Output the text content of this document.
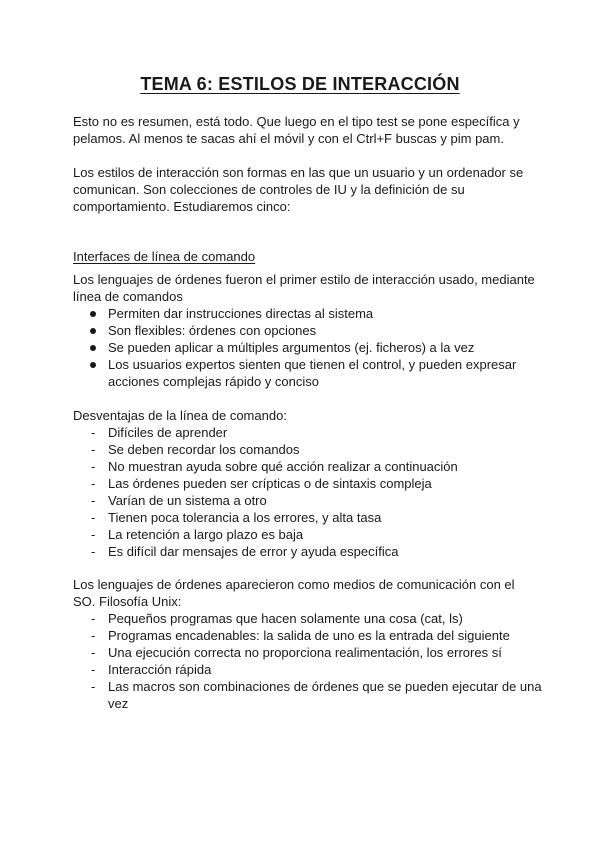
TEMA 6: ESTILOS DE INTERACCIÓN

Esto no es resumen, está todo. Que luego en el tipo test se pone específica y pelamos. Al menos te sacas ahí el móvil y con el Ctrl+F buscas y pim pam.

Los estilos de interacción son formas en las que un usuario y un ordenador se comunican. Son colecciones de controles de IU y la definición de su comportamiento. Estudiaremos cinco:

Interfaces de línea de comando

Los lenguajes de órdenes fueron el primer estilo de interacción usado, mediante línea de comandos

Permiten dar instrucciones directas al sistema
Son flexibles: órdenes con opciones
Se pueden aplicar a múltiples argumentos (ej. ficheros) a la vez
Los usuarios expertos sienten que tienen el control, y pueden expresar acciones complejas rápido y conciso

Desventajas de la línea de comando:

- Difíciles de aprender
- Se deben recordar los comandos
- No muestran ayuda sobre qué acción realizar a continuación
- Las órdenes pueden ser crípticas o de sintaxis compleja
- Varían de un sistema a otro
- Tienen poca tolerancia a los errores, y alta tasa
- La retención a largo plazo es baja
- Es difícil dar mensajes de error y ayuda específica

Los lenguajes de órdenes aparecieron como medios de comunicación con el SO. Filosofía Unix:

- Pequeños programas que hacen solamente una cosa (cat, ls)
- Programas encadenables: la salida de uno es la entrada del siguiente
- Una ejecución correcta no proporciona realimentación, los errores sí
- Interacción rápida
- Las macros son combinaciones de órdenes que se pueden ejecutar de una vez
